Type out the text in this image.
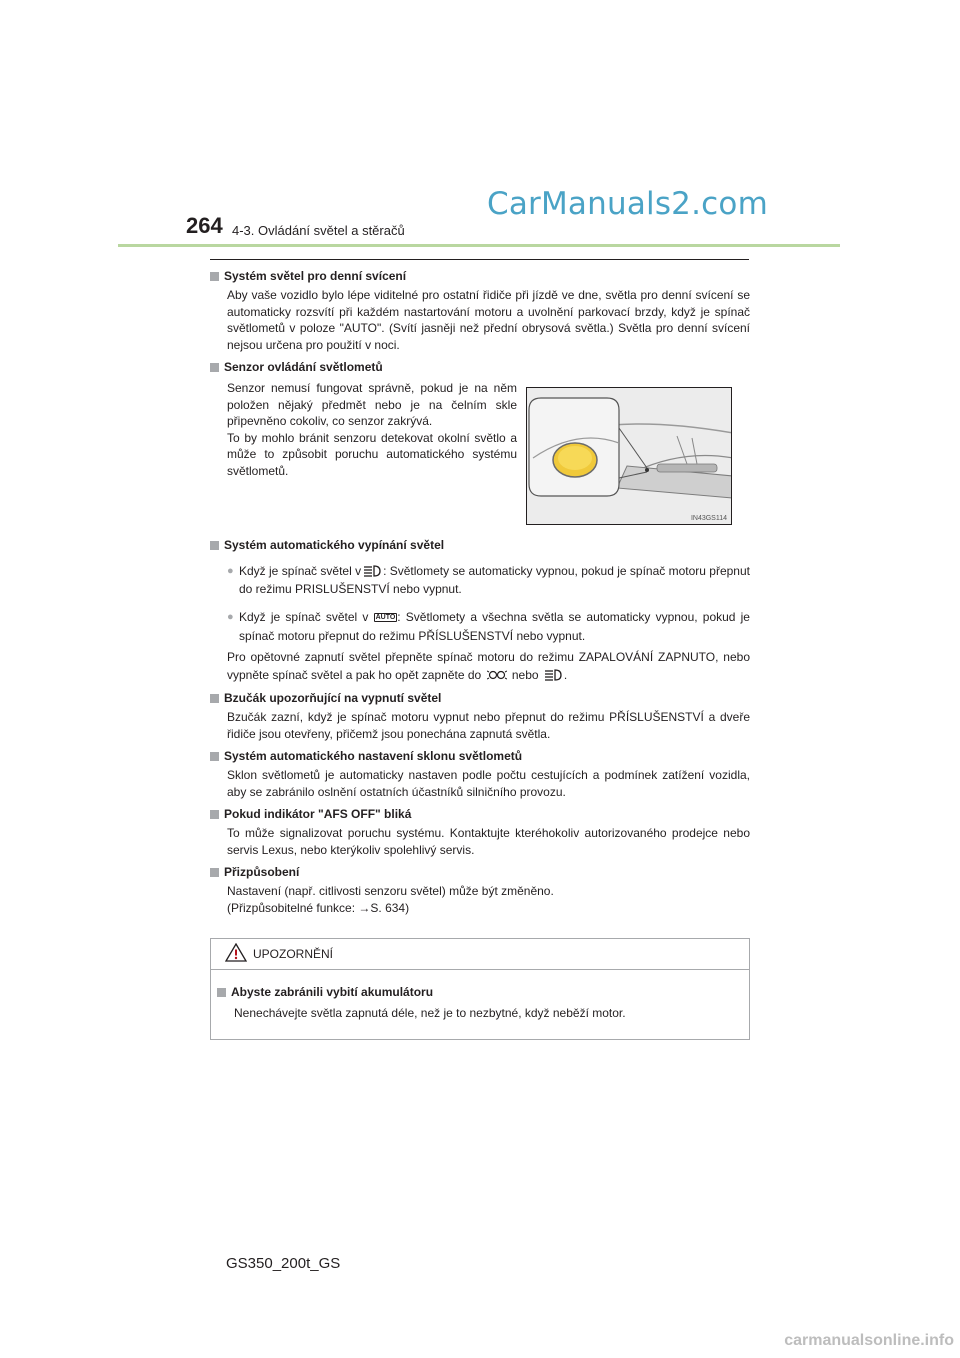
CarManuals2.com
264 4-3. Ovládání světel a stěračů
Systém světel pro denní svícení

Aby vaše vozidlo bylo lépe viditelné pro ostatní řidiče při jízdě ve dne, světla pro denní svícení se automaticky rozsvítí při každém nastartování motoru a uvolnění parkovací brzdy, když je spínač světlometů v poloze "AUTO". (Svítí jasněji než přední obrysová světla.) Světla pro denní svícení nejsou určena pro použití v noci.

Senzor ovládání světlometů

Senzor nemusí fungovat správně, pokud je na něm položen nějaký předmět nebo je na čelním skle připevněno cokoliv, co senzor zakrývá.

To by mohlo bránit senzoru detekovat okolní světlo a může to způsobit poruchu automatického systému světlometů.

Systém automatického vypínání světel
● Když je spínač světel v : Světlomety se automaticky vypnou, pokud je spínač motoru přepnut do režimu PRISLUŠENSTVÍ nebo vypnut.
● Když je spínač světel v AUTO : Světlomety a všechna světla se automaticky vypnou, pokud je spínač motoru přepnut do režimu PŘÍSLUŠENSTVÍ nebo vypnut.

Pro opětovné zapnutí světel přepněte spínač motoru do režimu ZAPALOVÁNÍ ZAPNUTO, nebo vypněte spínač světel a pak ho opět zapněte do	nebo .

Bzučák upozorňující na vypnutí světel

Bzučák zazní, když je spínač motoru vypnut nebo přepnut do režimu PŘÍSLUŠENSTVÍ a dveře řidiče jsou otevřeny, přičemž jsou ponechána zapnutá světla.

Systém automatického nastavení sklonu světlometů

Sklon světlometů je automaticky nastaven podle počtu cestujících a podmínek zatížení vozidla, aby se zabránilo oslnění ostatních účastníků silničního provozu.

Pokud indikátor "AFS OFF" bliká

To může signalizovat poruchu systému. Kontaktujte kteréhokoliv autorizovaného prodejce nebo servis Lexus, nebo kterýkoliv spolehlivý servis.

Přizpůsobení

Nastavení (např. citlivosti senzoru světel) může být změněno.

(Přizpůsobitelné funkce: →S. 634)

IN43GS114
UPOZORNĚNÍ
Abyste zabránili vybití akumulátoru

Nenechávejte světla zapnutá déle, než je to nezbytné, když neběží motor.

GS350_200t_GS
carmanualsonline.info
